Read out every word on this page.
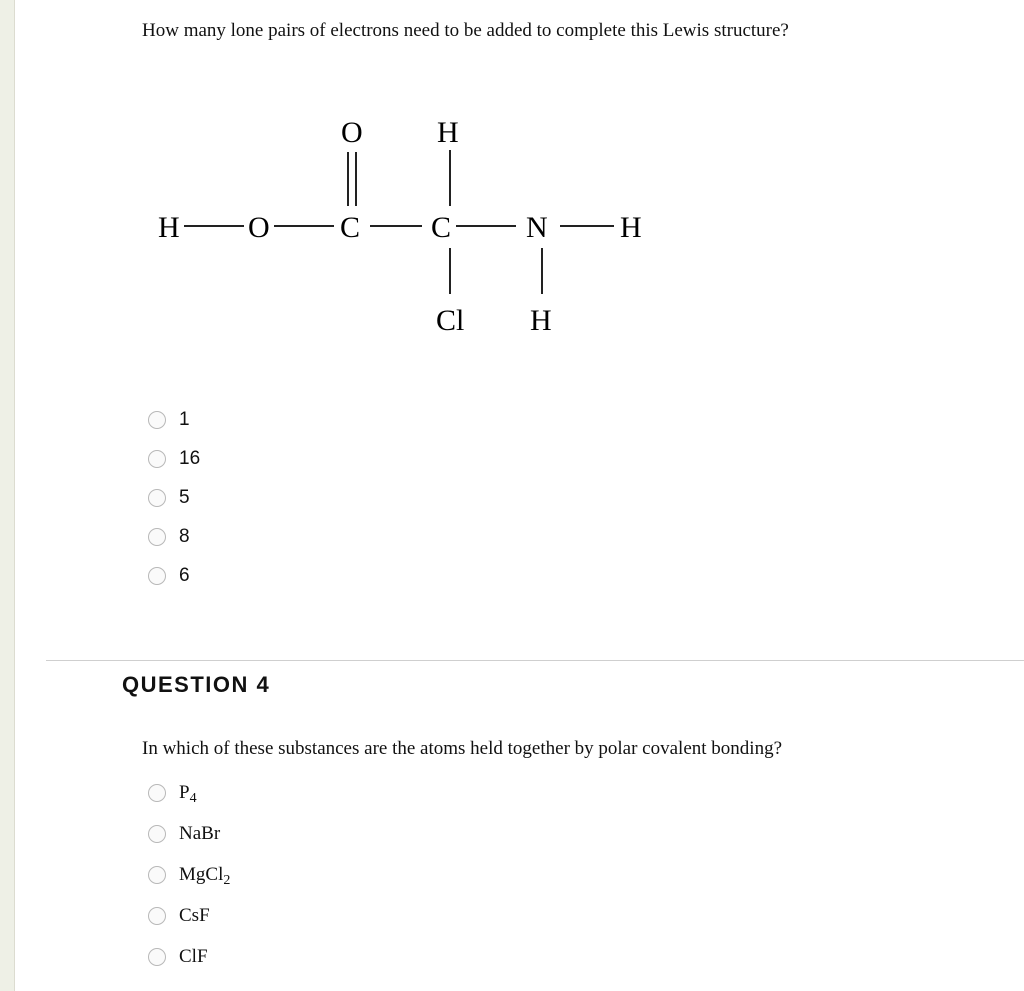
How many lone pairs of electrons need to be added to complete this Lewis structure?
H O C
O
C
H
Cl
N H
H
1
16
5
8
6
QUESTION 4
In which of these substances are the atoms held together by polar covalent bonding?
$P_4$
NaBr
MgCl$_2$
CsF
ClF
